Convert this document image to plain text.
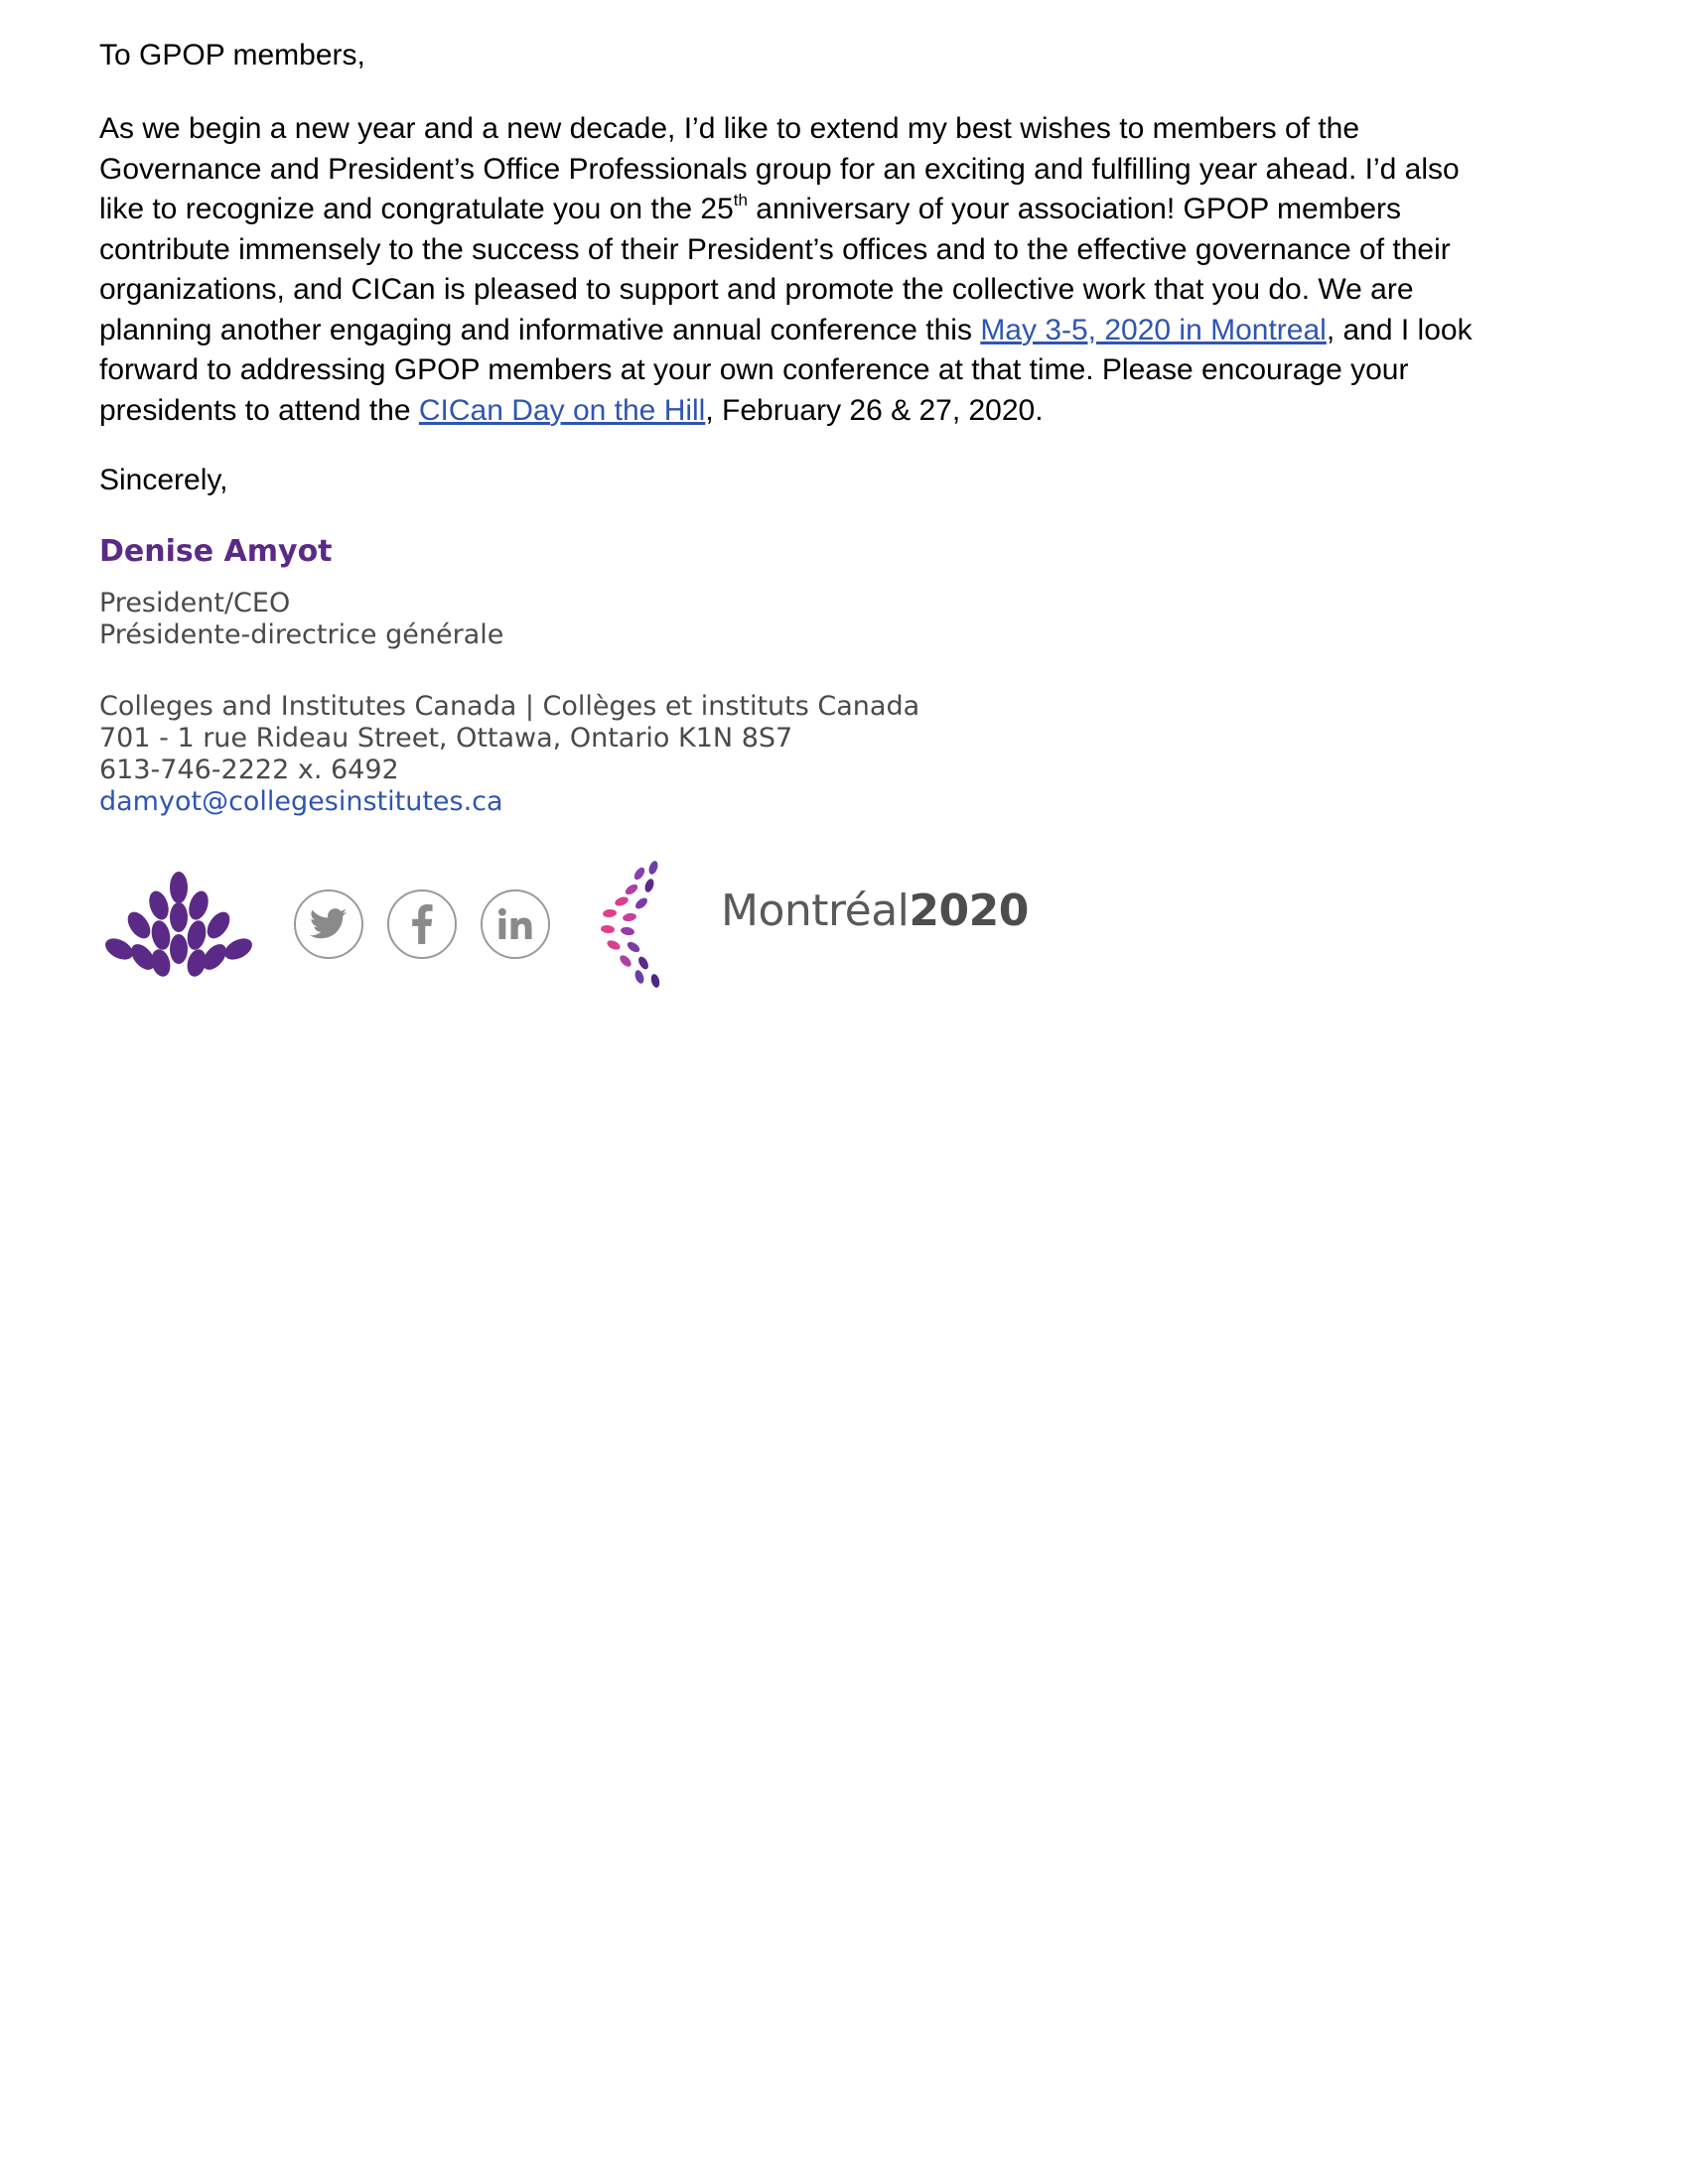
To GPOP members,

As we begin a new year and a new decade, I’d like to extend my best wishes to members of the Governance and President’s Office Professionals group for an exciting and fulfilling year ahead. I’d also like to recognize and congratulate you on the 25th anniversary of your association! GPOP members contribute immensely to the success of their President’s offices and to the effective governance of their organizations, and CICan is pleased to support and promote the collective work that you do. We are planning another engaging and informative annual conference this May 3-5, 2020 in Montreal, and I look forward to addressing GPOP members at your own conference at that time. Please encourage your presidents to attend the CICan Day on the Hill, February 26 & 27, 2020.

Sincerely,

Denise Amyot
President/CEO
Présidente-directrice générale
Colleges and Institutes Canada | Collèges et instituts Canada
701 - 1 rue Rideau Street, Ottawa, Ontario K1N 8S7
613-746-2222 x. 6492
damyot@collegesinstitutes.ca
Montréal2020
